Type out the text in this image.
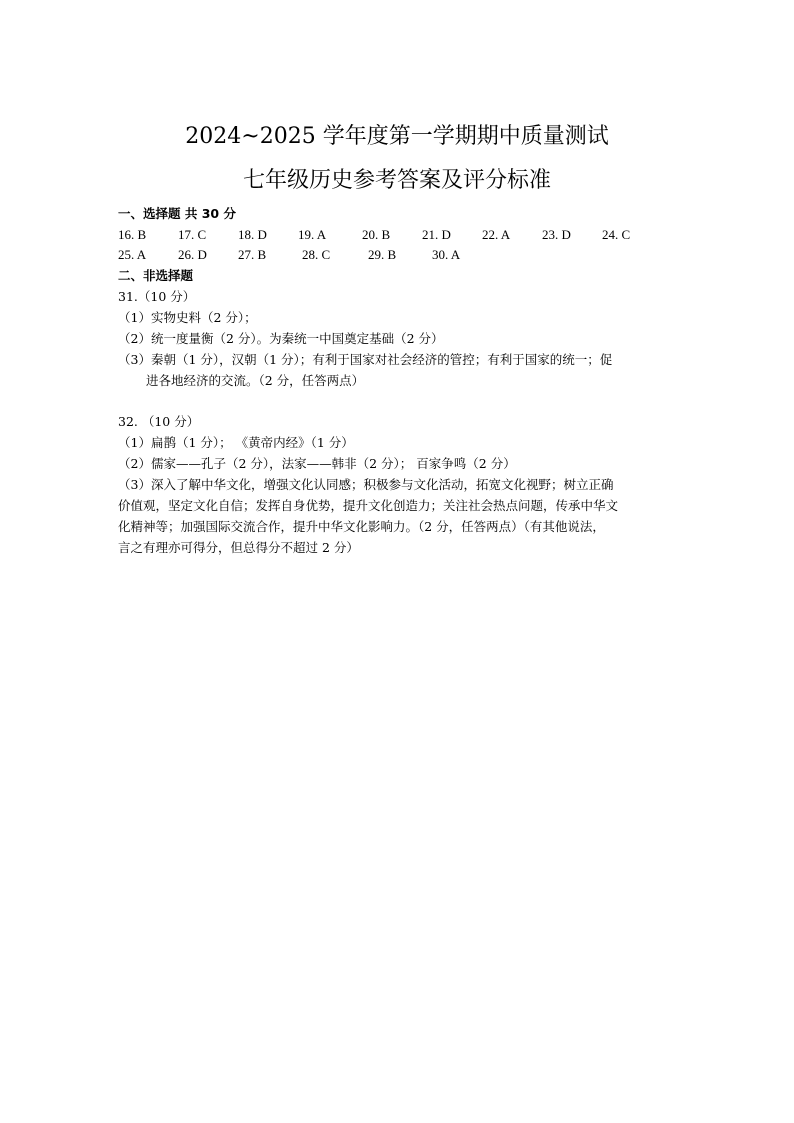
2024~2025 学年度第一学期期中质量测试
七年级历史参考答案及评分标准
一、选择题 共 30 分
16. B 17. C 18. D 19. A	20. B 21. D 22. A 23. D 24. C
25. A 26. D 27. B	28. C	29. B	30. A
二、非选择题
31.（10 分）
（1）实物史料（2 分）；
（2）统一度量衡（2 分）。为秦统一中国奠定基础（2 分）
（3）秦朝（1 分），汉朝（1 分）；有利于国家对社会经济的管控；有利于国家的统一；促
进各地经济的交流。（2 分，任答两点）
32. （10 分）
（1）扁鹊（1 分）； 《黄帝内经》（1 分）
（2）儒家——孔子（2 分），法家——韩非（2 分）； 百家争鸣（2 分）
（3）深入了解中华文化，增强文化认同感；积极参与文化活动，拓宽文化视野；树立正确
价值观，坚定文化自信；发挥自身优势，提升文化创造力；关注社会热点问题，传承中华文
化精神等；加强国际交流合作，提升中华文化影响力。（2 分，任答两点）（有其他说法，
言之有理亦可得分，但总得分不超过 2 分）
